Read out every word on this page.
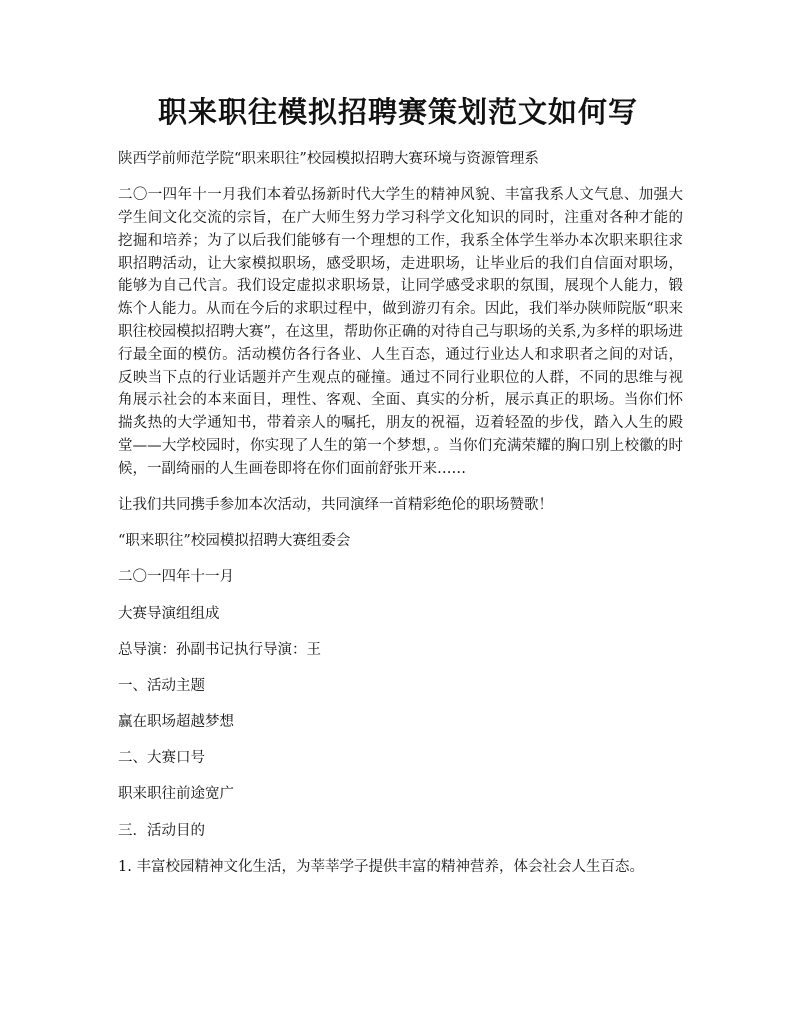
职来职往模拟招聘赛策划范文如何写

陕西学前师范学院“职来职往”校园模拟招聘大赛环境与资源管理系

二〇一四年十一月我们本着弘扬新时代大学生的精神风貌、丰富我系人文气息、加强大学生间文化交流的宗旨，在广大师生努力学习科学文化知识的同时，注重对各种才能的挖掘和培养；为了以后我们能够有一个理想的工作，我系全体学生举办本次职来职往求职招聘活动，让大家模拟职场，感受职场，走进职场，让毕业后的我们自信面对职场，能够为自己代言。我们设定虚拟求职场景，让同学感受求职的氛围，展现个人能力，锻炼个人能力。从而在今后的求职过程中，做到游刃有余。因此，我们举办陕师院版“职来职往校园模拟招聘大赛”，在这里，帮助你正确的对待自己与职场的关系,为多样的职场进行最全面的模仿。活动模仿各行各业、人生百态，通过行业达人和求职者之间的对话，反映当下点的行业话题并产生观点的碰撞。通过不同行业职位的人群，不同的思维与视角展示社会的本来面目，理性、客观、全面、真实的分析，展示真正的职场。当你们怀揣炙热的大学通知书，带着亲人的嘱托，朋友的祝福，迈着轻盈的步伐，踏入人生的殿堂——大学校园时，你实现了人生的第一个梦想，。当你们充满荣耀的胸口别上校徽的时候，一副绮丽的人生画卷即将在你们面前舒张开来……

让我们共同携手参加本次活动，共同演绎一首精彩绝伦的职场赞歌！

“职来职往”校园模拟招聘大赛组委会

二〇一四年十一月

大赛导演组组成

总导演：孙副书记执行导演：王

一、活动主题

赢在职场超越梦想

二、大赛口号

职来职往前途宽广

三．活动目的

1. 丰富校园精神文化生活，为莘莘学子提供丰富的精神营养，体会社会人生百态。
